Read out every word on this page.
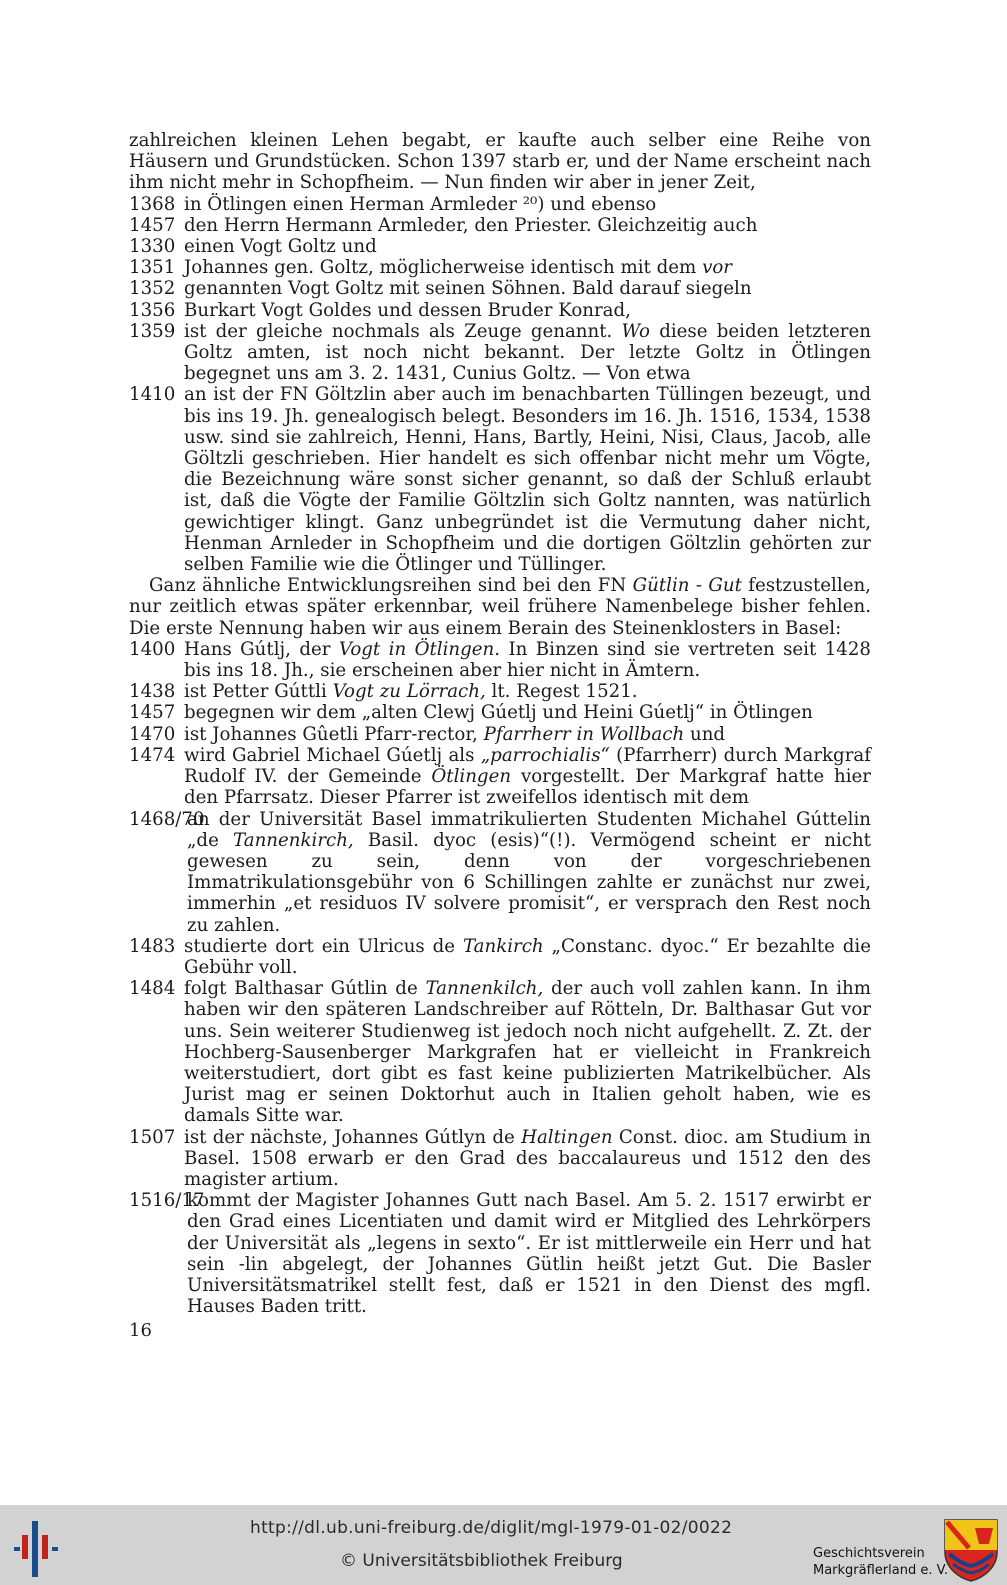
zahlreichen kleinen Lehen begabt, er kaufte auch selber eine Reihe von Häusern und Grundstücken. Schon 1397 starb er, und der Name erscheint nach ihm nicht mehr in Schopfheim. — Nun finden wir aber in jener Zeit,
1368 in Ötlingen einen Herman Armleder ²⁰) und ebenso
1457 den Herrn Hermann Armleder, den Priester. Gleichzeitig auch
1330 einen Vogt Goltz und
1351 Johannes gen. Goltz, möglicherweise identisch mit dem vor
1352 genannten Vogt Goltz mit seinen Söhnen. Bald darauf siegeln
1356 Burkart Vogt Goldes und dessen Bruder Konrad,
1359 ist der gleiche nochmals als Zeuge genannt. Wo diese beiden letzteren Goltz amten, ist noch nicht bekannt. Der letzte Goltz in Ötlingen begegnet uns am 3. 2. 1431, Cunius Goltz. — Von etwa
1410 an ist der FN Göltzlin aber auch im benachbarten Tüllingen bezeugt, und bis ins 19. Jh. genealogisch belegt. Besonders im 16. Jh. 1516, 1534, 1538 usw. sind sie zahlreich, Henni, Hans, Bartly, Heini, Nisi, Claus, Jacob, alle Göltzli geschrieben. Hier handelt es sich offenbar nicht mehr um Vögte, die Bezeichnung wäre sonst sicher genannt, so daß der Schluß erlaubt ist, daß die Vögte der Familie Göltzlin sich Goltz nannten, was natürlich gewichtiger klingt. Ganz unbegründet ist die Vermutung daher nicht, Henman Arnleder in Schopfheim und die dortigen Göltzlin gehörten zur selben Familie wie die Ötlinger und Tüllinger.
Ganz ähnliche Entwicklungsreihen sind bei den FN Gütlin - Gut festzustellen, nur zeitlich etwas später erkennbar, weil frühere Namenbelege bisher fehlen. Die erste Nennung haben wir aus einem Berain des Steinenklosters in Basel:
1400 Hans Gútlj, der Vogt in Ötlingen. In Binzen sind sie vertreten seit 1428 bis ins 18. Jh., sie erscheinen aber hier nicht in Ämtern.
1438 ist Petter Gúttli Vogt zu Lörrach, lt. Regest 1521.
1457 begegnen wir dem „alten Clewj Gúetlj und Heini Gúetlj“ in Ötlingen
1470 ist Johannes Gûetli Pfarr-rector, Pfarrherr in Wollbach und
1474 wird Gabriel Michael Gúetlj als „parrochialis“ (Pfarrherr) durch Markgraf Rudolf IV. der Gemeinde Ötlingen vorgestellt. Der Markgraf hatte hier den Pfarrsatz. Dieser Pfarrer ist zweifellos identisch mit dem
1468/70
an der Universität Basel immatrikulierten Studenten Michahel Gúttelin „de Tannenkirch, Basil. dyoc (esis)“(!). Vermögend scheint er nicht gewesen zu sein, denn von der vorgeschriebenen Immatrikulationsgebühr von 6 Schillingen zahlte er zunächst nur zwei, immerhin „et residuos IV solvere promisit“, er versprach den Rest noch zu zahlen.
1483 studierte dort ein Ulricus de Tankirch „Constanc. dyoc.“ Er bezahlte die Gebühr voll.
1484 folgt Balthasar Gútlin de Tannenkilch, der auch voll zahlen kann. In ihm haben wir den späteren Landschreiber auf Rötteln, Dr. Balthasar Gut vor uns. Sein weiterer Studienweg ist jedoch noch nicht aufgehellt. Z. Zt. der Hochberg-Sausenberger Markgrafen hat er vielleicht in Frankreich weiterstudiert, dort gibt es fast keine publizierten Matrikelbücher. Als Jurist mag er seinen Doktorhut auch in Italien geholt haben, wie es damals Sitte war.
1507 ist der nächste, Johannes Gútlyn de Haltingen Const. dioc. am Studium in Basel. 1508 erwarb er den Grad des baccalaureus und 1512 den des magister artium.
1516/17
kommt der Magister Johannes Gutt nach Basel. Am 5. 2. 1517 erwirbt er den Grad eines Licentiaten und damit wird er Mitglied des Lehrkörpers der Universität als „legens in sexto“. Er ist mittlerweile ein Herr und hat sein -lin abgelegt, der Johannes Gütlin heißt jetzt Gut. Die Basler Universitätsmatrikel stellt fest, daß er 1521 in den Dienst des mgfl. Hauses Baden tritt.
16
http://dl.ub.uni-freiburg.de/diglit/mgl-1979-01-02/0022
© Universitätsbibliothek Freiburg	Geschichtsverein
Markgräflerland e. V.
